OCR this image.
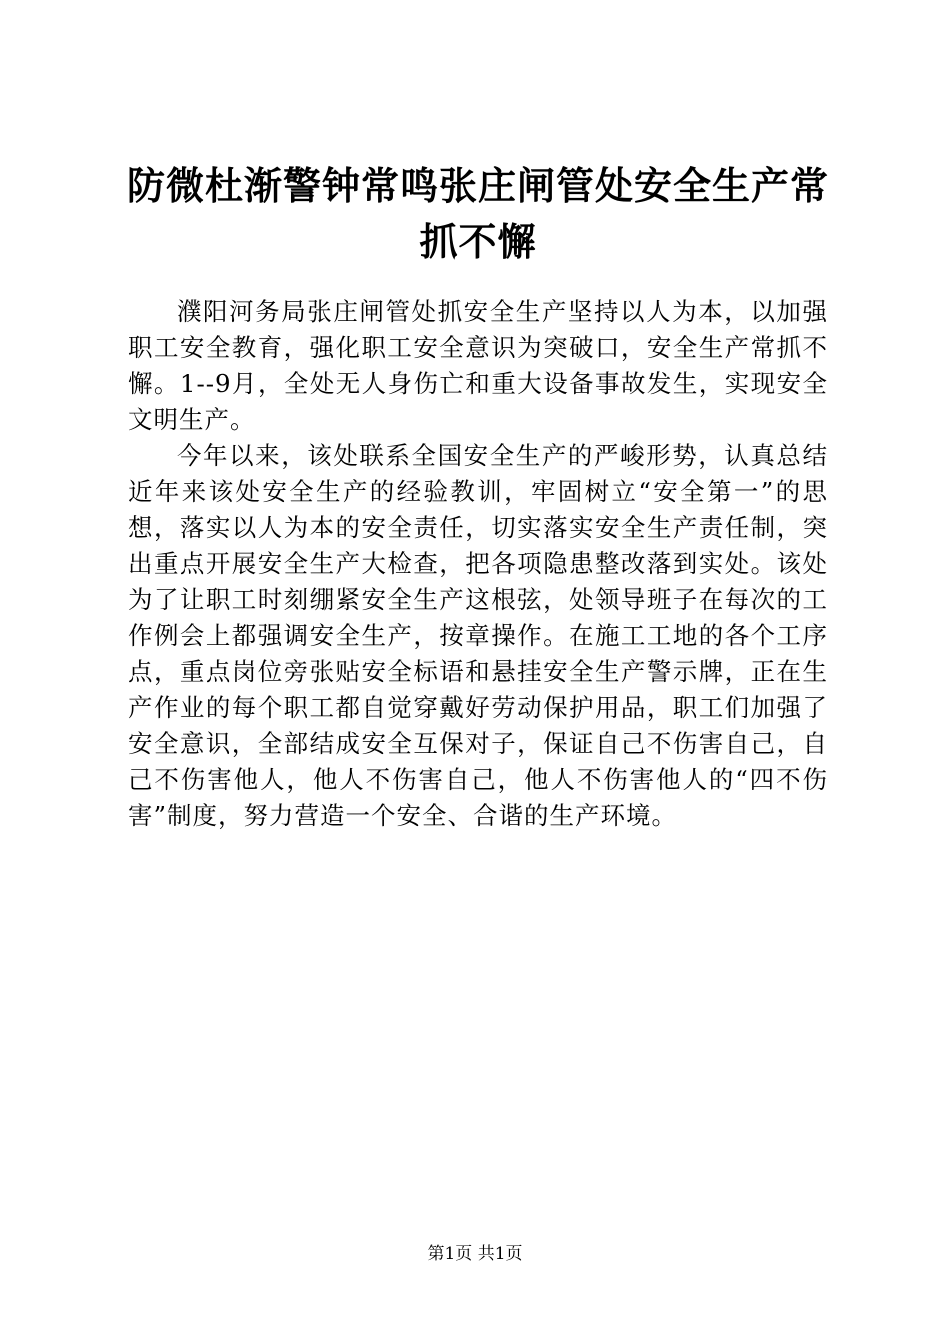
防微杜渐警钟常鸣张庄闸管处安全生产常抓不懈

濮阳河务局张庄闸管处抓安全生产坚持以人为本，以加强职工安全教育，强化职工安全意识为突破口，安全生产常抓不懈。1--9月，全处无人身伤亡和重大设备事故发生，实现安全文明生产。

今年以来，该处联系全国安全生产的严峻形势，认真总结近年来该处安全生产的经验教训，牢固树立“安全第一”的思想，落实以人为本的安全责任，切实落实安全生产责任制，突出重点开展安全生产大检查，把各项隐患整改落到实处。该处为了让职工时刻绷紧安全生产这根弦，处领导班子在每次的工作例会上都强调安全生产，按章操作。在施工工地的各个工序点，重点岗位旁张贴安全标语和悬挂安全生产警示牌，正在生产作业的每个职工都自觉穿戴好劳动保护用品，职工们加强了安全意识，全部结成安全互保对子，保证自己不伤害自己，自己不伤害他人，他人不伤害自己，他人不伤害他人的“四不伤害”制度，努力营造一个安全、合谐的生产环境。

第1页 共1页
